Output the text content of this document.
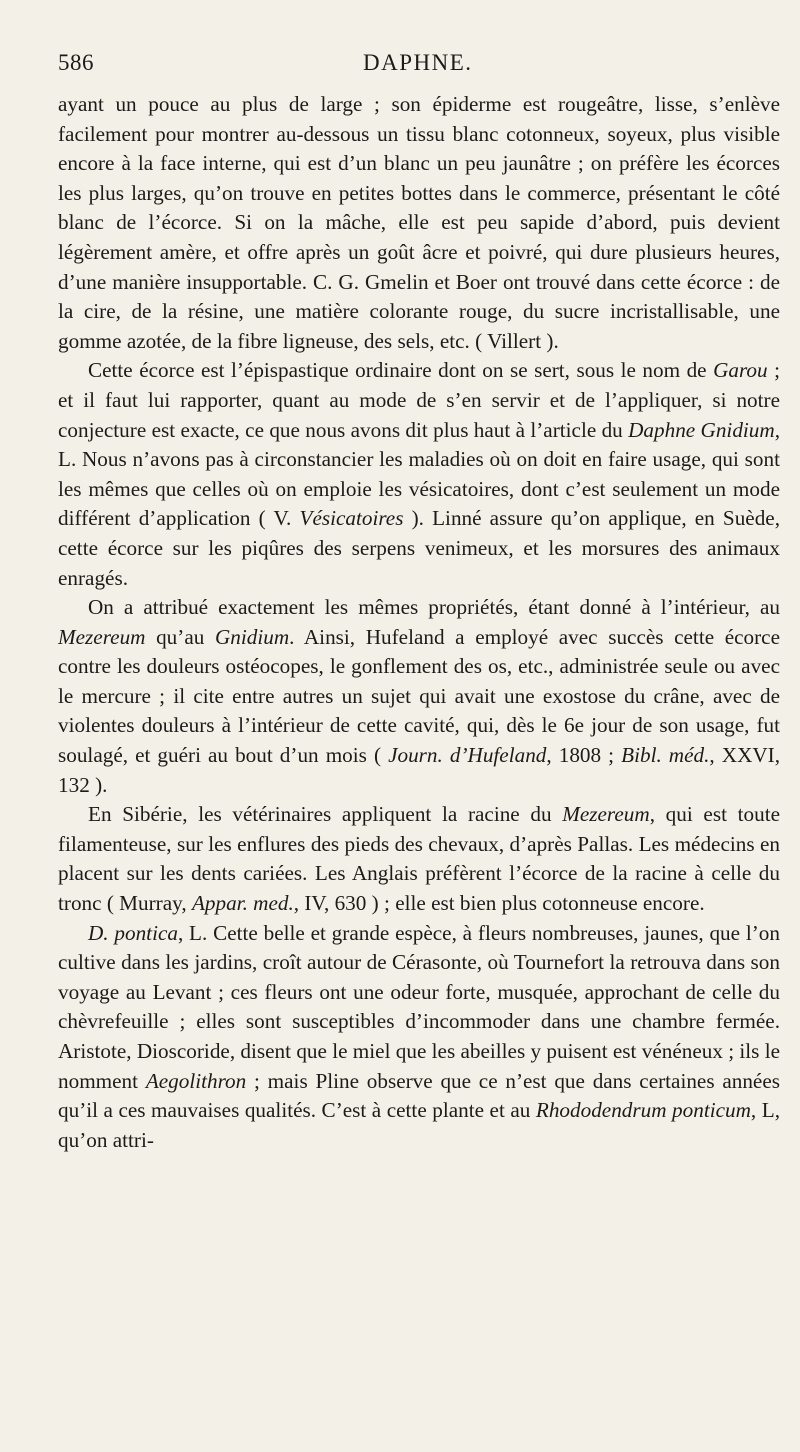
586	DAPHNE.

ayant un pouce au plus de large ; son épiderme est rougeâtre, lisse, s’enlève facilement pour montrer au-dessous un tissu blanc cotonneux, soyeux, plus visible encore à la face interne, qui est d’un blanc un peu jaunâtre ; on préfère les écorces les plus larges, qu’on trouve en petites bottes dans le commerce, présentant le côté blanc de l’écorce. Si on la mâche, elle est peu sapide d’abord, puis devient légèrement amère, et offre après un goût âcre et poivré, qui dure plusieurs heures, d’une manière insupportable. C. G. Gmelin et Boer ont trouvé dans cette écorce : de la cire, de la résine, une matière colorante rouge, du sucre incristallisable, une gomme azotée, de la fibre ligneuse, des sels, etc. ( Villert ).

Cette écorce est l’épispastique ordinaire dont on se sert, sous le nom de Garou ; et il faut lui rapporter, quant au mode de s’en servir et de l’appliquer, si notre conjecture est exacte, ce que nous avons dit plus haut à l’article du Daphne Gnidium, L. Nous n’avons pas à circonstancier les maladies où on doit en faire usage, qui sont les mêmes que celles où on emploie les vésicatoires, dont c’est seulement un mode différent d’application ( V. Vésicatoires ). Linné assure qu’on applique, en Suède, cette écorce sur les piqûres des serpens venimeux, et les morsures des animaux enragés.

On a attribué exactement les mêmes propriétés, étant donné à l’intérieur, au Mezereum qu’au Gnidium. Ainsi, Hufeland a employé avec succès cette écorce contre les douleurs ostéocopes, le gonflement des os, etc., administrée seule ou avec le mercure ; il cite entre autres un sujet qui avait une exostose du crâne, avec de violentes douleurs à l’intérieur de cette cavité, qui, dès le 6e jour de son usage, fut soulagé, et guéri au bout d’un mois ( Journ. d’Hufeland, 1808 ; Bibl. méd., XXVI, 132 ).

En Sibérie, les vétérinaires appliquent la racine du Mezereum, qui est toute filamenteuse, sur les enflures des pieds des chevaux, d’après Pallas. Les médecins en placent sur les dents cariées. Les Anglais préfèrent l’écorce de la racine à celle du tronc ( Murray, Appar. med., IV, 630 ) ; elle est bien plus cotonneuse encore.

D. pontica, L. Cette belle et grande espèce, à fleurs nombreuses, jaunes, que l’on cultive dans les jardins, croît autour de Cérasonte, où Tournefort la retrouva dans son voyage au Levant ; ces fleurs ont une odeur forte, musquée, approchant de celle du chèvrefeuille ; elles sont susceptibles d’incommoder dans une chambre fermée. Aristote, Dioscoride, disent que le miel que les abeilles y puisent est vénéneux ; ils le nomment Aegolithron ; mais Pline observe que ce n’est que dans certaines années qu’il a ces mauvaises qualités. C’est à cette plante et au Rhododendrum ponticum, L, qu’on attri-
